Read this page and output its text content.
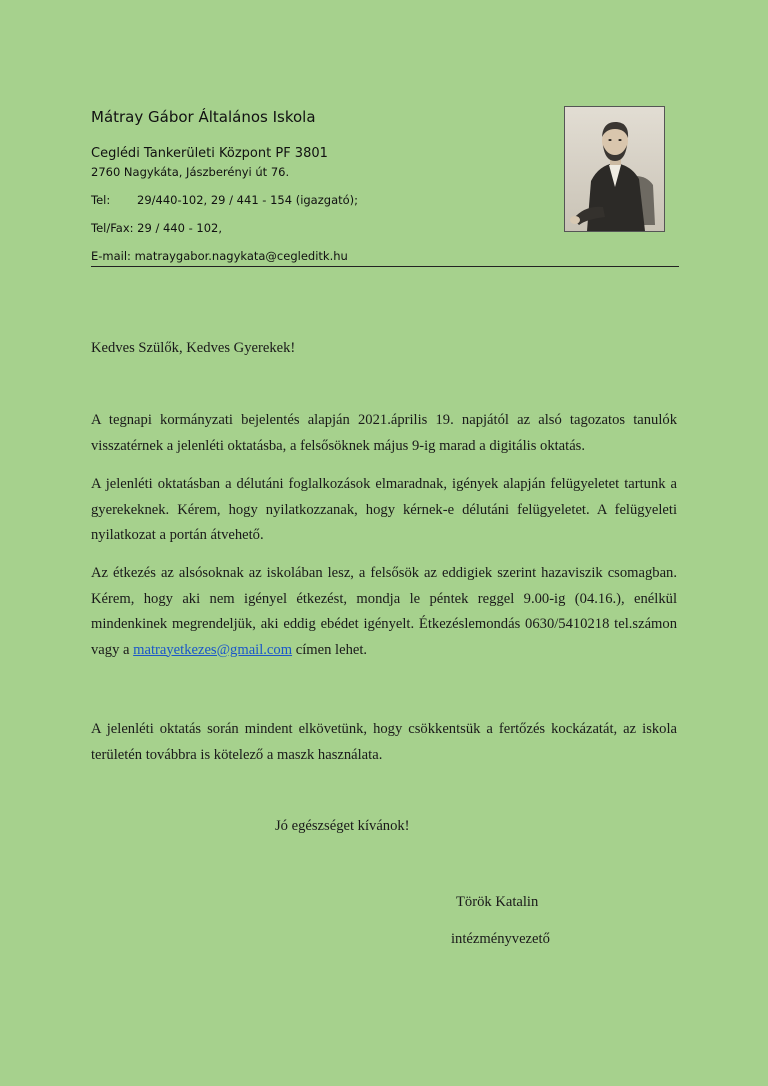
Mátray Gábor Általános Iskola
Ceglédi Tankerületi Központ PF 3801
2760 Nagykáta, Jászberényi út 76.
Tel: 29/440-102, 29 / 441 - 154 (igazgató);
Tel/Fax: 29 / 440 - 102,
E-mail: matraygabor.nagykata@cegleditk.hu
Kedves Szülők, Kedves Gyerekek!
A tegnapi kormányzati bejelentés alapján 2021.április 19. napjától az alsó tagozatos tanulók visszatérnek a jelenléti oktatásba, a felsősöknek május 9-ig marad a digitális oktatás.
A jelenléti oktatásban a délutáni foglalkozások elmaradnak, igények alapján felügyeletet tartunk a gyerekeknek. Kérem, hogy nyilatkozzanak, hogy kérnek-e délutáni felügyeletet. A felügyeleti nyilatkozat a portán átvehető.
Az étkezés az alsósoknak az iskolában lesz, a felsősök az eddigiek szerint hazaviszik csomagban. Kérem, hogy aki nem igényel étkezést, mondja le péntek reggel 9.00-ig (04.16.), enélkül mindenkinek megrendeljük, aki eddig ebédet igényelt. Étkezéslemondás 0630/5410218 tel.számon vagy a matrayetkezes@gmail.com címen lehet.
A jelenléti oktatás során mindent elkövetünk, hogy csökkentsük a fertőzés kockázatát, az iskola területén továbbra is kötelező a maszk használata.
Jó egészséget kívánok!
Török Katalin
intézményvezető
